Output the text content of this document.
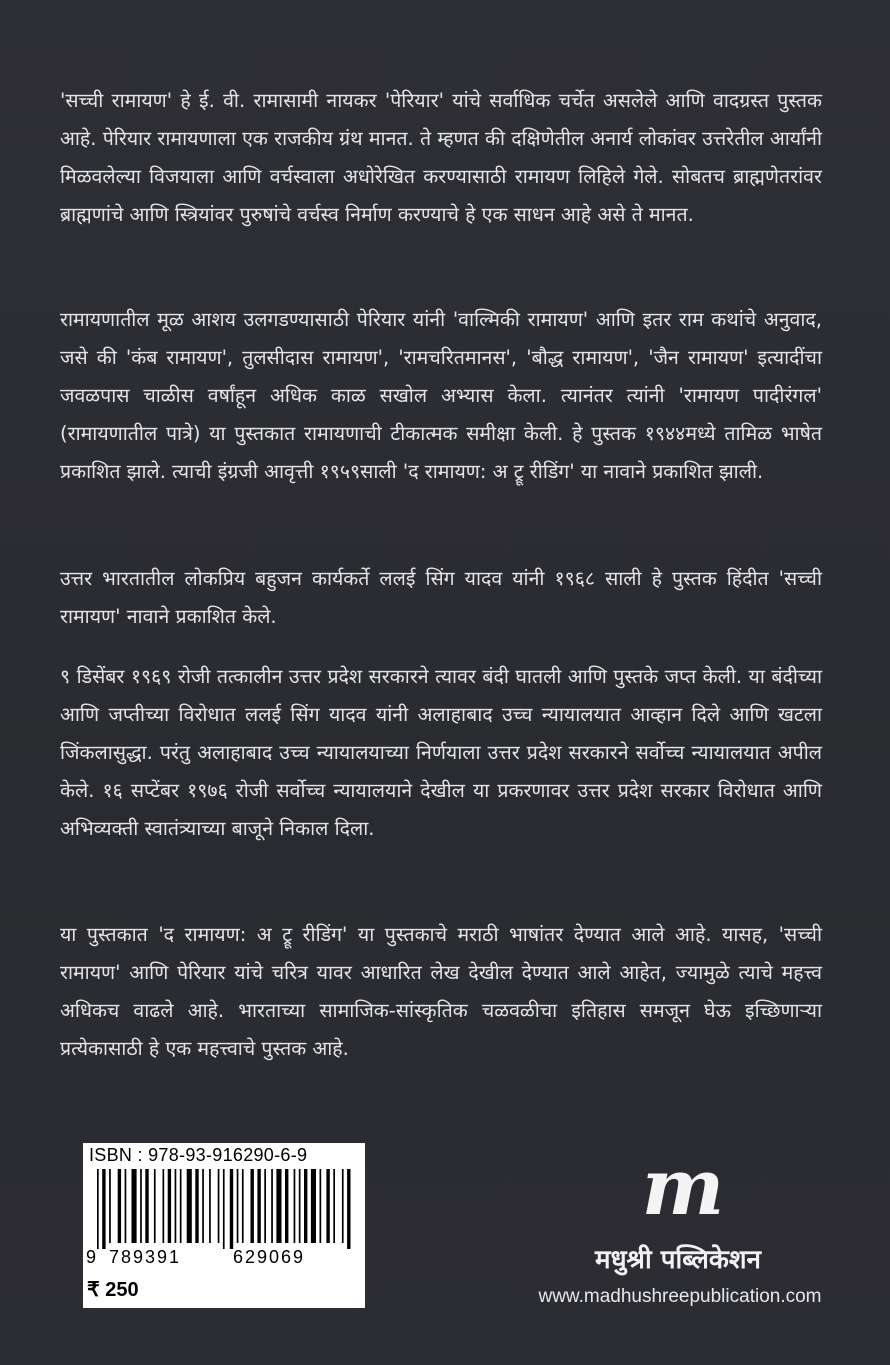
'सच्ची रामायण' हे ई. वी. रामासामी नायकर 'पेरियार' यांचे सर्वाधिक चर्चेत असलेले आणि वादग्रस्त पुस्तक आहे. पेरियार रामायणाला एक राजकीय ग्रंथ मानत. ते म्हणत की दक्षिणेतील अनार्य लोकांवर उत्तरेतील आर्यांनी मिळवलेल्या विजयाला आणि वर्चस्वाला अधोरेखित करण्यासाठी रामायण लिहिले गेले. सोबतच ब्राह्मणेतरांवर ब्राह्मणांचे आणि स्त्रियांवर पुरुषांचे वर्चस्व निर्माण करण्याचे हे एक साधन आहे असे ते मानत.

रामायणातील मूळ आशय उलगडण्यासाठी पेरियार यांनी 'वाल्मिकी रामायण' आणि इतर राम कथांचे अनुवाद, जसे की 'कंब रामायण', तुलसीदास रामायण', 'रामचरितमानस', 'बौद्ध रामायण', 'जैन रामायण' इत्यादींचा जवळपास चाळीस वर्षांहून अधिक काळ सखोल अभ्यास केला. त्यानंतर त्यांनी 'रामायण पादीरंगल' (रामायणातील पात्रे) या पुस्तकात रामायणाची टीकात्मक समीक्षा केली. हे पुस्तक १९४४मध्ये तामिळ भाषेत प्रकाशित झाले. त्याची इंग्रजी आवृत्ती १९५९साली 'द रामायण: अ ट्रू रीडिंग' या नावाने प्रकाशित झाली.

उत्तर भारतातील लोकप्रिय बहुजन कार्यकर्ते ललई सिंग यादव यांनी १९६८ साली हे पुस्तक हिंदीत 'सच्ची रामायण' नावाने प्रकाशित केले.

९ डिसेंबर १९६९ रोजी तत्कालीन उत्तर प्रदेश सरकारने त्यावर बंदी घातली आणि पुस्तके जप्त केली. या बंदीच्या आणि जप्तीच्या विरोधात ललई सिंग यादव यांनी अलाहाबाद उच्च न्यायालयात आव्हान दिले आणि खटला जिंकलासुद्धा. परंतु अलाहाबाद उच्च न्यायालयाच्या निर्णयाला उत्तर प्रदेश सरकारने सर्वोच्च न्यायालयात अपील केले. १६ सप्टेंबर १९७६ रोजी सर्वोच्च न्यायालयाने देखील या प्रकरणावर उत्तर प्रदेश सरकार विरोधात आणि अभिव्यक्ती स्वातंत्र्याच्या बाजूने निकाल दिला.

या पुस्तकात 'द रामायण: अ ट्रू रीडिंग' या पुस्तकाचे मराठी भाषांतर देण्यात आले आहे. यासह, 'सच्ची रामायण' आणि पेरियार यांचे चरित्र यावर आधारित लेख देखील देण्यात आले आहेत, ज्यामुळे त्याचे महत्त्व अधिकच वाढले आहे. भारताच्या सामाजिक-सांस्कृतिक चळवळीचा इतिहास समजून घेऊ इच्छिणाऱ्या प्रत्येकासाठी हे एक महत्त्वाचे पुस्तक आहे.

ISBN : 978-93-916290-6-9
9 789391	629069
₹ 250
m
मधुश्री पब्लिकेशन
www.madhushreepublication.com
